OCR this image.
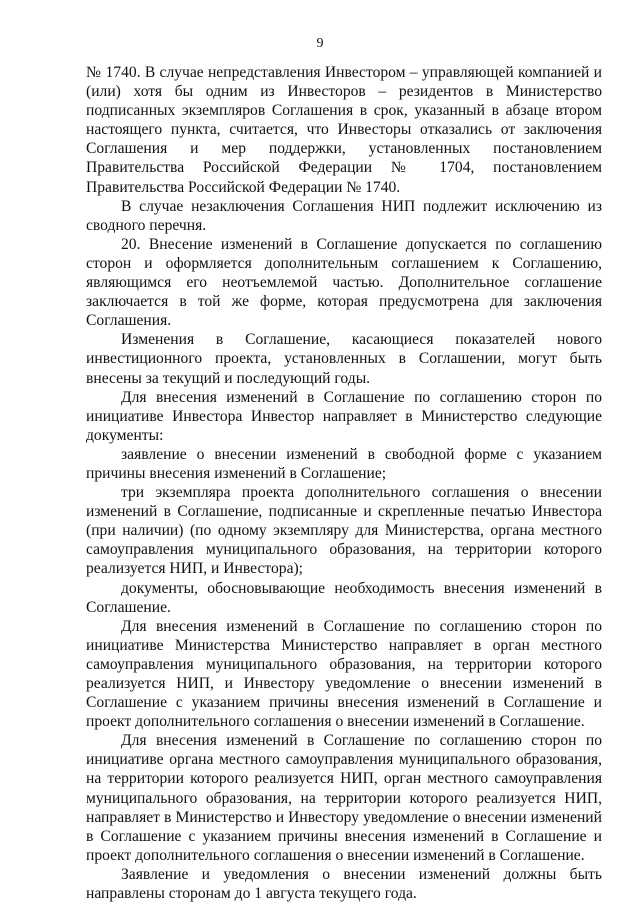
9

№ 1740. В случае непредставления Инвестором – управляющей компанией и (или) хотя бы одним из Инвесторов – резидентов в Министерство подписанных экземпляров Соглашения в срок, указанный в абзаце втором настоящего пункта, считается, что Инвесторы отказались от заключения Соглашения и мер поддержки, установленных постановлением Правительства Российской Федерации № 1704, постановлением Правительства Российской Федерации № 1740.

В случае незаключения Соглашения НИП подлежит исключению из сводного перечня.

20. Внесение изменений в Соглашение допускается по соглашению сторон и оформляется дополнительным соглашением к Соглашению, являющимся его неотъемлемой частью. Дополнительное соглашение заключается в той же форме, которая предусмотрена для заключения Соглашения.

Изменения в Соглашение, касающиеся показателей нового инвестиционного проекта, установленных в Соглашении, могут быть внесены за текущий и последующий годы.

Для внесения изменений в Соглашение по соглашению сторон по инициативе Инвестора Инвестор направляет в Министерство следующие документы:

заявление о внесении изменений в свободной форме с указанием причины внесения изменений в Соглашение;

три экземпляра проекта дополнительного соглашения о внесении изменений в Соглашение, подписанные и скрепленные печатью Инвестора (при наличии) (по одному экземпляру для Министерства, органа местного самоуправления муниципального образования, на территории которого реализуется НИП, и Инвестора);

документы, обосновывающие необходимость внесения изменений в Соглашение.

Для внесения изменений в Соглашение по соглашению сторон по инициативе Министерства Министерство направляет в орган местного самоуправления муниципального образования, на территории которого реализуется НИП, и Инвестору уведомление о внесении изменений в Соглашение с указанием причины внесения изменений в Соглашение и проект дополнительного соглашения о внесении изменений в Соглашение.

Для внесения изменений в Соглашение по соглашению сторон по инициативе органа местного самоуправления муниципального образования, на территории которого реализуется НИП, орган местного самоуправления муниципального образования, на территории которого реализуется НИП, направляет в Министерство и Инвестору уведомление о внесении изменений в Соглашение с указанием причины внесения изменений в Соглашение и проект дополнительного соглашения о внесении изменений в Соглашение.

Заявление и уведомления о внесении изменений должны быть направлены сторонам до 1 августа текущего года.
